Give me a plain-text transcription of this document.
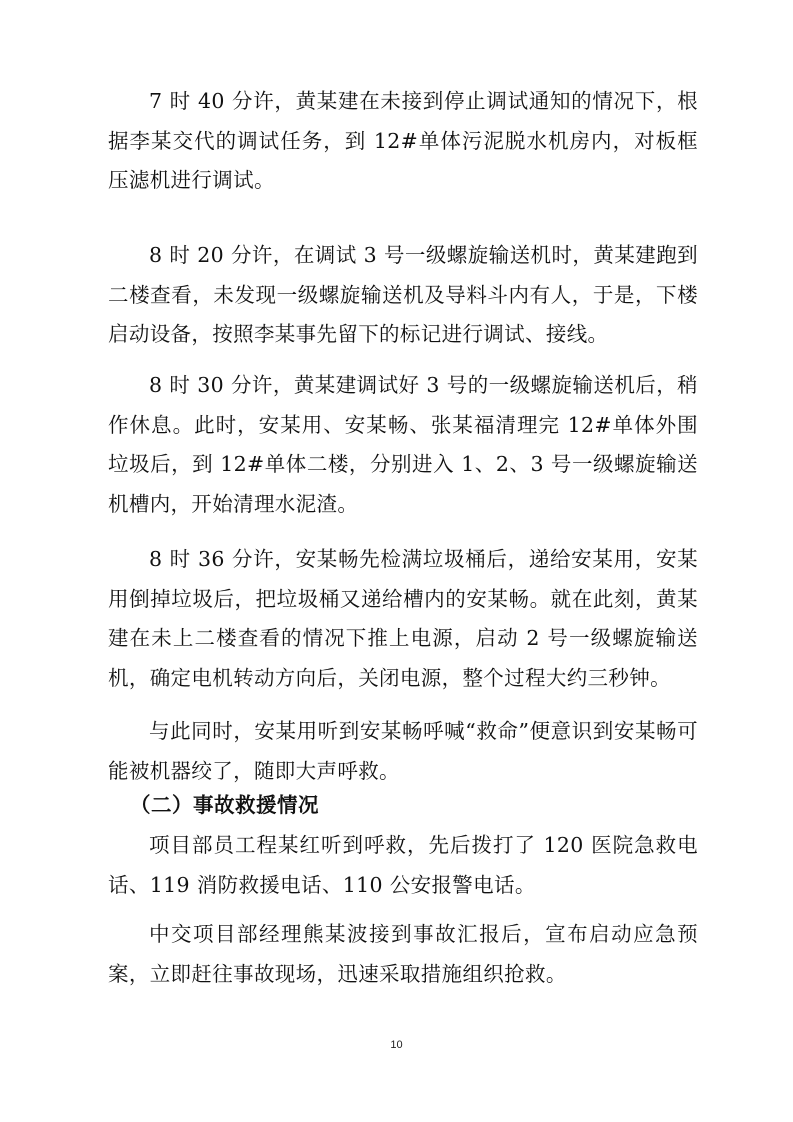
7 时 40 分许，黄某建在未接到停止调试通知的情况下，根据李某交代的调试任务，到 12#单体污泥脱水机房内，对板框压滤机进行调试。

8 时 20 分许，在调试 3 号一级螺旋输送机时，黄某建跑到二楼查看，未发现一级螺旋输送机及导料斗内有人，于是，下楼启动设备，按照李某事先留下的标记进行调试、接线。

8 时 30 分许，黄某建调试好 3 号的一级螺旋输送机后，稍作休息。此时，安某用、安某畅、张某福清理完 12#单体外围垃圾后，到 12#单体二楼，分别进入 1、2、3 号一级螺旋输送机槽内，开始清理水泥渣。

8 时 36 分许，安某畅先检满垃圾桶后，递给安某用，安某用倒掉垃圾后，把垃圾桶又递给槽内的安某畅。就在此刻，黄某建在未上二楼查看的情况下推上电源，启动 2 号一级螺旋输送机，确定电机转动方向后，关闭电源，整个过程大约三秒钟。

与此同时，安某用听到安某畅呼喊“救命”便意识到安某畅可能被机器绞了，随即大声呼救。

（二）事故救援情况

项目部员工程某红听到呼救，先后拨打了 120 医院急救电话、119 消防救援电话、110 公安报警电话。

中交项目部经理熊某波接到事故汇报后，宣布启动应急预案，立即赶往事故现场，迅速采取措施组织抢救。

10
